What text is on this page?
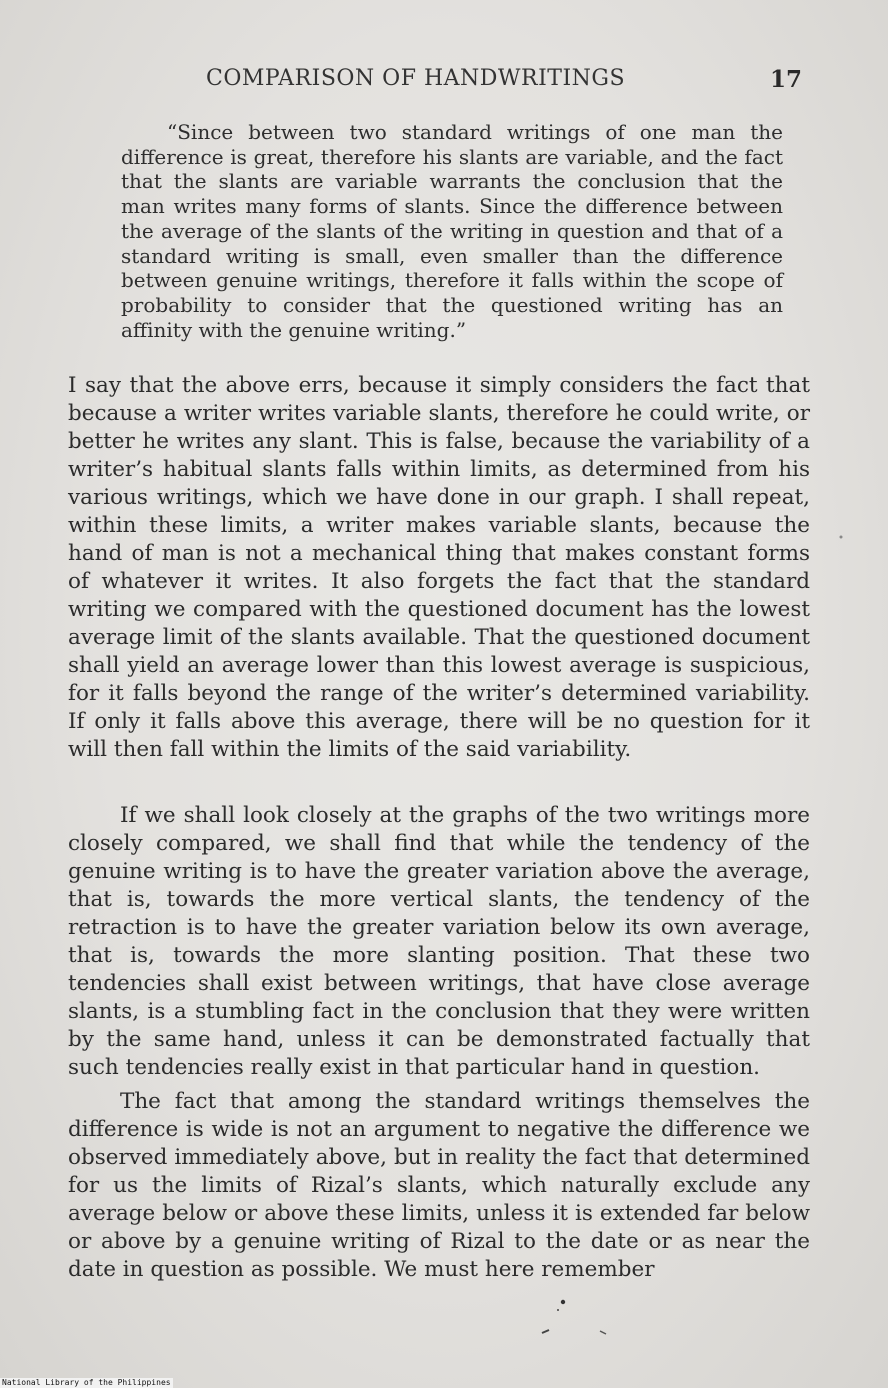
COMPARISON OF HANDWRITINGS	17

“Since between two standard writings of one man the difference is great, therefore his slants are variable, and the fact that the slants are variable warrants the conclusion that the man writes many forms of slants. Since the difference between the average of the slants of the writing in question and that of a standard writing is small, even smaller than the difference between genuine writings, therefore it falls within the scope of probability to consider that the questioned writing has an affinity with the genuine writing.”

I say that the above errs, because it simply considers the fact that because a writer writes variable slants, therefore he could write, or better he writes any slant. This is false, because the variability of a writer’s habitual slants falls within limits, as determined from his various writings, which we have done in our graph. I shall repeat, within these limits, a writer makes variable slants, because the hand of man is not a mechanical thing that makes constant forms of whatever it writes. It also forgets the fact that the standard writing we compared with the questioned document has the lowest average limit of the slants available. That the questioned document shall yield an average lower than this lowest average is suspicious, for it falls beyond the range of the writer’s determined variability. If only it falls above this average, there will be no question for it will then fall within the limits of the said variability.

If we shall look closely at the graphs of the two writings more closely compared, we shall find that while the tendency of the genuine writing is to have the greater variation above the average, that is, towards the more vertical slants, the tendency of the retraction is to have the greater variation below its own average, that is, towards the more slanting position. That these two tendencies shall exist between writings, that have close average slants, is a stumbling fact in the conclusion that they were written by the same hand, unless it can be demonstrated factually that such tendencies really exist in that particular hand in question.

The fact that among the standard writings themselves the difference is wide is not an argument to negative the difference we observed immediately above, but in reality the fact that determined for us the limits of Rizal’s slants, which naturally exclude any average below or above these limits, unless it is extended far below or above by a genuine writing of Rizal to the date or as near the date in question as possible. We must here remember

National Library of the Philippines
